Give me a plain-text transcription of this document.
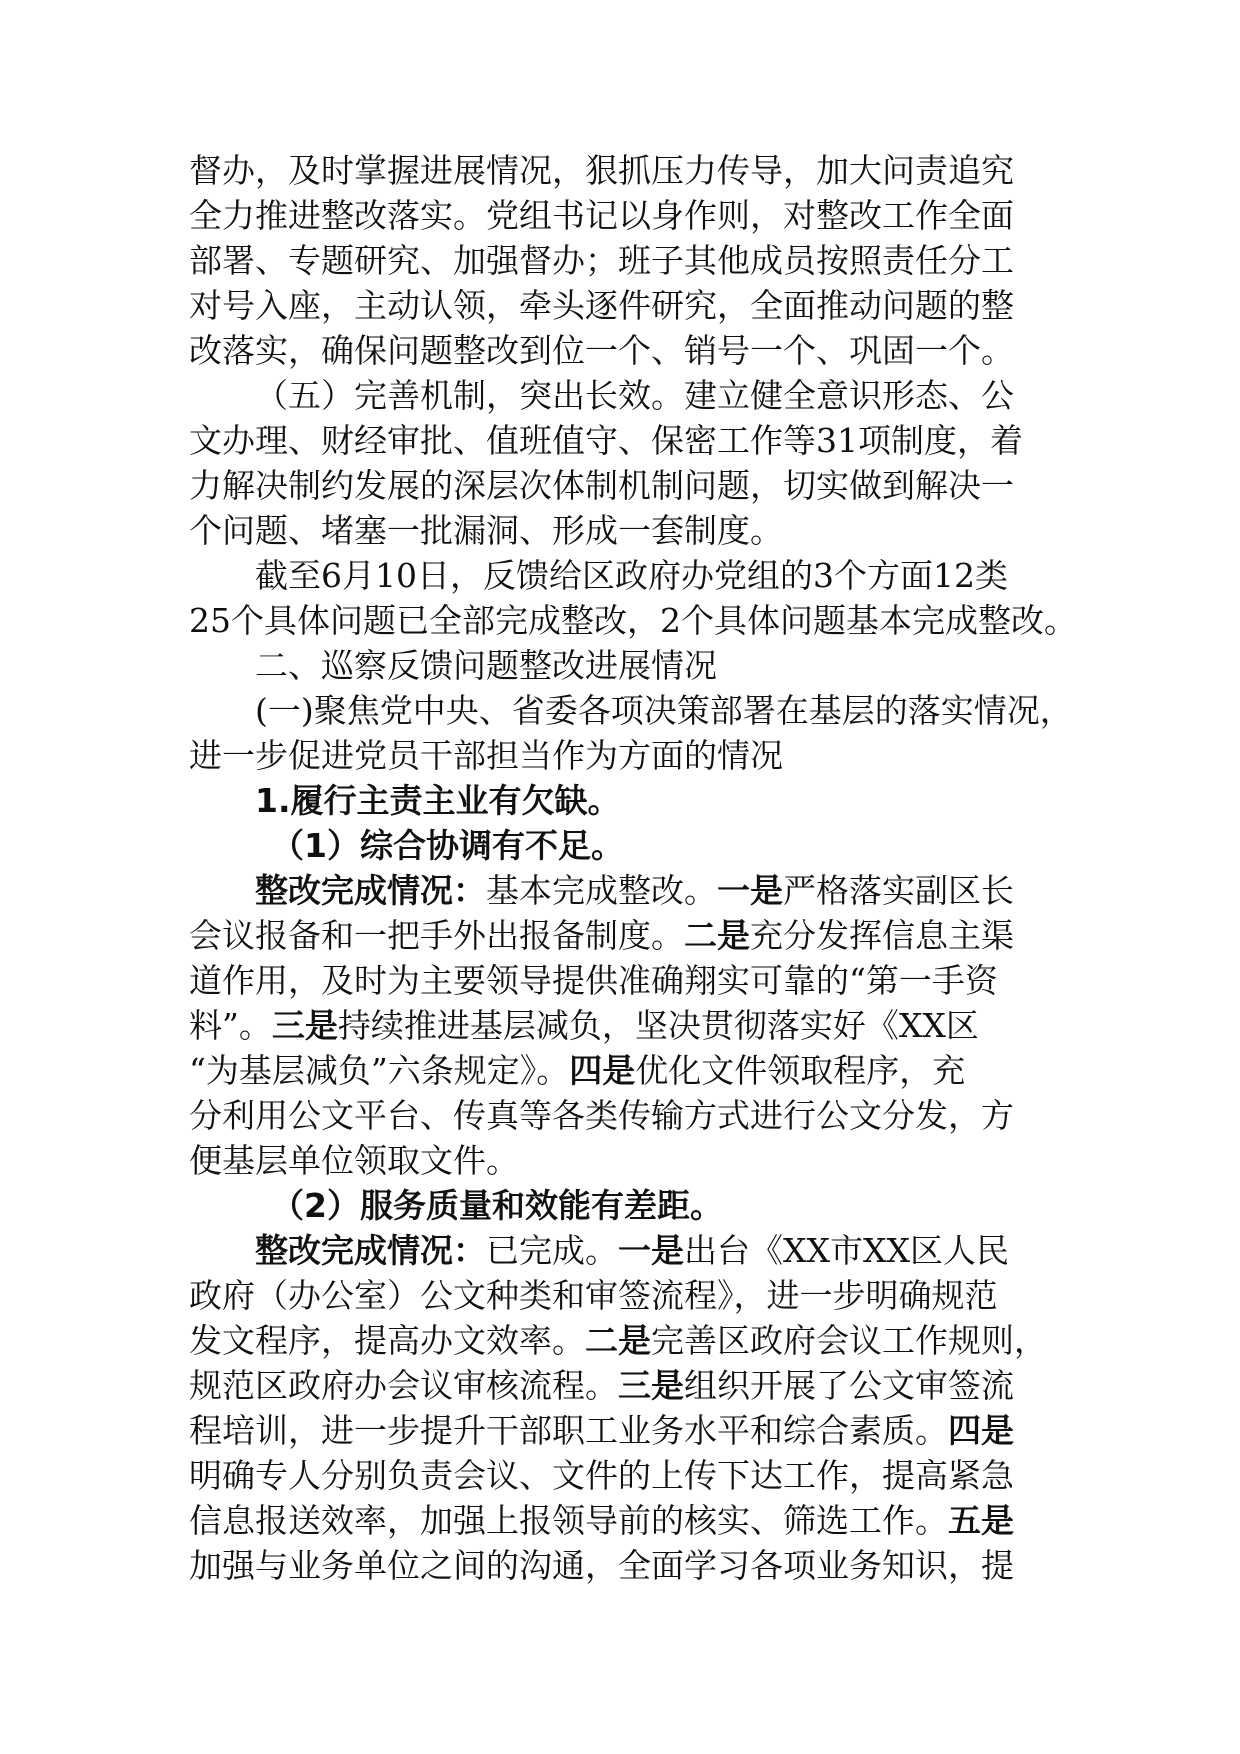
督办，及时掌握进展情况，狠抓压力传导，加大问责追究
全力推进整改落实。党组书记以身作则，对整改工作全面
部署、专题研究、加强督办；班子其他成员按照责任分工
对号入座，主动认领，牵头逐件研究，全面推动问题的整
改落实，确保问题整改到位一个、销号一个、巩固一个。
（五）完善机制，突出长效。建立健全意识形态、公
文办理、财经审批、值班值守、保密工作等31项制度，着
力解决制约发展的深层次体制机制问题，切实做到解决一
个问题、堵塞一批漏洞、形成一套制度。
截至6月10日，反馈给区政府办党组的3个方面12类
25个具体问题已全部完成整改，2个具体问题基本完成整改。
二、巡察反馈问题整改进展情况
(一)聚焦党中央、省委各项决策部署在基层的落实情况，
进一步促进党员干部担当作为方面的情况
1.履行主责主业有欠缺。
（1）综合协调有不足。
整改完成情况：基本完成整改。一是严格落实副区长
会议报备和一把手外出报备制度。二是充分发挥信息主渠
道作用，及时为主要领导提供准确翔实可靠的“第一手资
料”。三是持续推进基层减负，坚决贯彻落实好《XX区
“为基层减负”六条规定》。四是优化文件领取程序，充
分利用公文平台、传真等各类传输方式进行公文分发，方
便基层单位领取文件。
（2）服务质量和效能有差距。
整改完成情况：已完成。一是出台《XX市XX区人民
政府（办公室）公文种类和审签流程》，进一步明确规范
发文程序，提高办文效率。二是完善区政府会议工作规则，
规范区政府办会议审核流程。三是组织开展了公文审签流
程培训，进一步提升干部职工业务水平和综合素质。四是
明确专人分别负责会议、文件的上传下达工作，提高紧急
信息报送效率，加强上报领导前的核实、筛选工作。五是
加强与业务单位之间的沟通，全面学习各项业务知识，提
